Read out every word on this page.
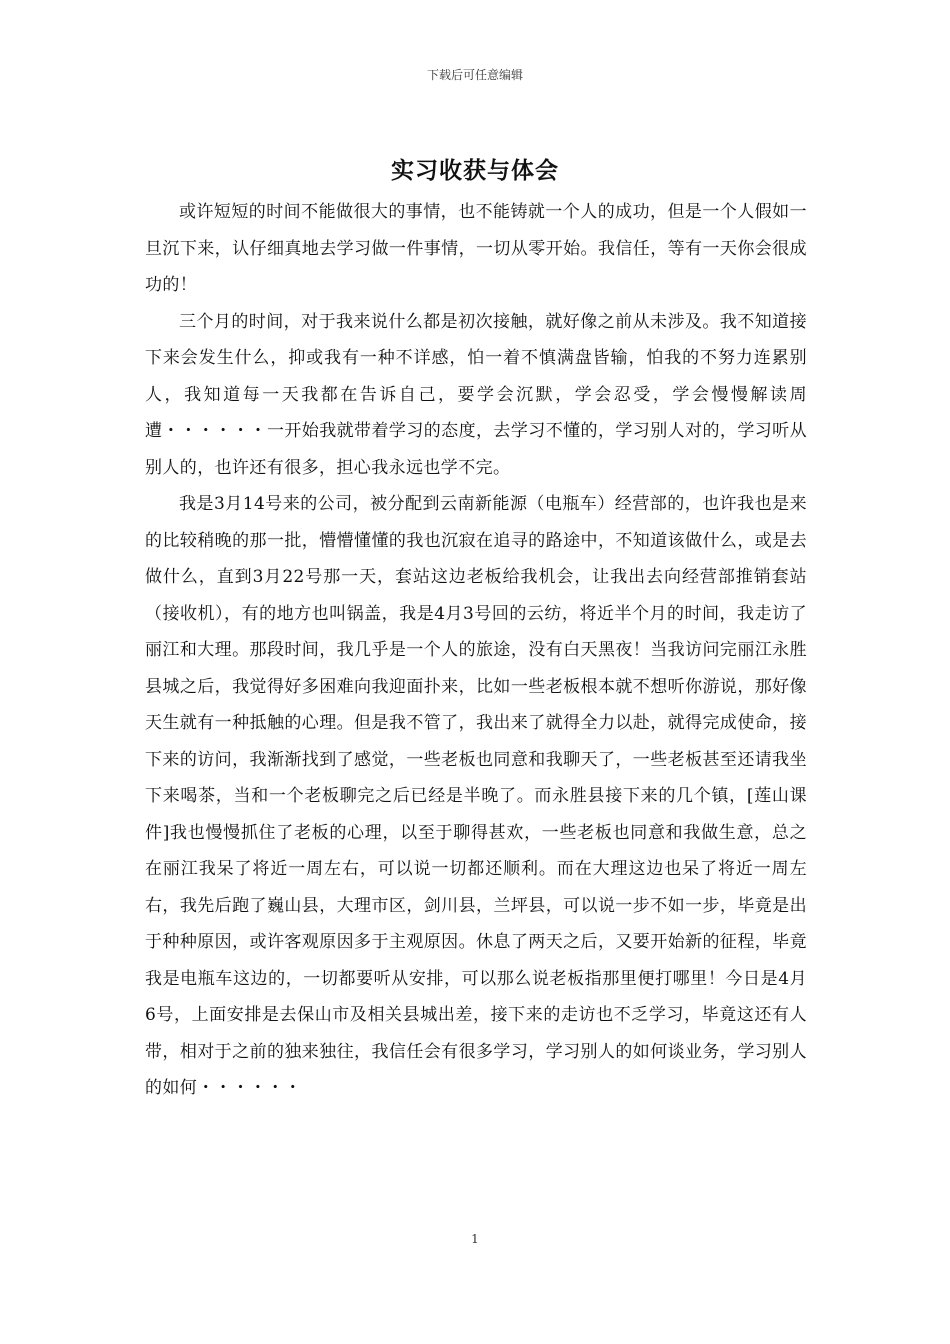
下载后可任意编辑
实习收获与体会

或许短短的时间不能做很大的事情，也不能铸就一个人的成功，但是一个人假如一旦沉下来，认仔细真地去学习做一件事情，一切从零开始。我信任，等有一天你会很成功的！

三个月的时间，对于我来说什么都是初次接触，就好像之前从未涉及。我不知道接下来会发生什么，抑或我有一种不详感，怕一着不慎满盘皆输，怕我的不努力连累别人，我知道每一天我都在告诉自己，要学会沉默，学会忍受，学会慢慢解读周遭・・・・・・一开始我就带着学习的态度，去学习不懂的，学习别人对的，学习听从别人的，也许还有很多，担心我永远也学不完。

我是3月14号来的公司，被分配到云南新能源（电瓶车）经营部的，也许我也是来的比较稍晚的那一批，懵懵懂懂的我也沉寂在追寻的路途中，不知道该做什么，或是去做什么，直到3月22号那一天，套站这边老板给我机会，让我出去向经营部推销套站（接收机），有的地方也叫锅盖，我是4月3号回的云纺，将近半个月的时间，我走访了丽江和大理。那段时间，我几乎是一个人的旅途，没有白天黑夜！当我访问完丽江永胜县城之后，我觉得好多困难向我迎面扑来，比如一些老板根本就不想听你游说，那好像天生就有一种抵触的心理。但是我不管了，我出来了就得全力以赴，就得完成使命，接下来的访问，我渐渐找到了感觉，一些老板也同意和我聊天了，一些老板甚至还请我坐下来喝茶，当和一个老板聊完之后已经是半晚了。而永胜县接下来的几个镇，[莲山课件]我也慢慢抓住了老板的心理，以至于聊得甚欢，一些老板也同意和我做生意，总之在丽江我呆了将近一周左右，可以说一切都还顺利。而在大理这边也呆了将近一周左右，我先后跑了巍山县，大理市区，剑川县，兰坪县，可以说一步不如一步，毕竟是出于种种原因，或许客观原因多于主观原因。休息了两天之后，又要开始新的征程，毕竟我是电瓶车这边的，一切都要听从安排，可以那么说老板指那里便打哪里！今日是4月6号，上面安排是去保山市及相关县城出差，接下来的走访也不乏学习，毕竟这还有人带，相对于之前的独来独往，我信任会有很多学习，学习别人的如何谈业务，学习别人的如何・・・・・・

1
